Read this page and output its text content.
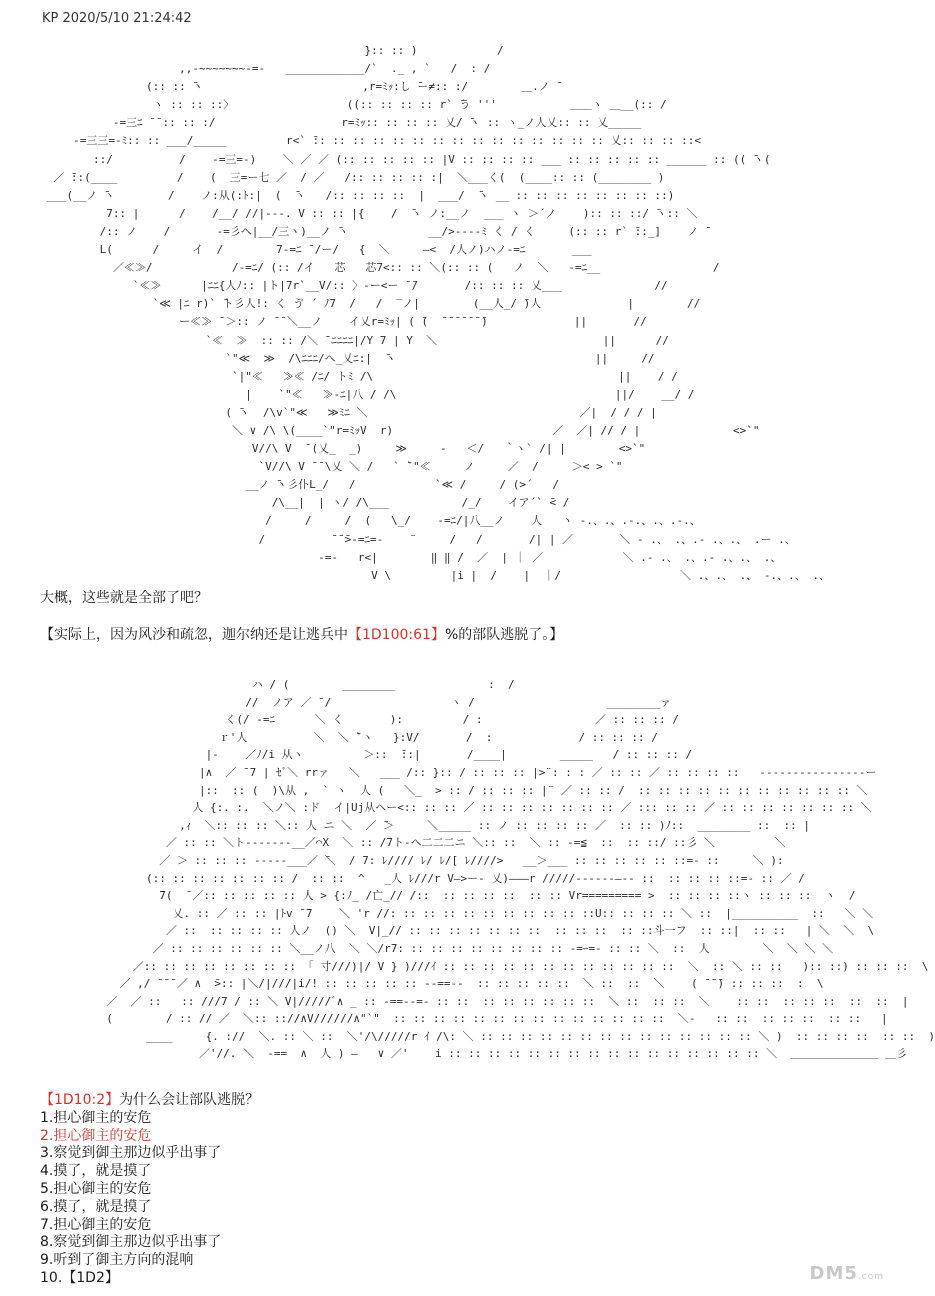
KP 2020/5/10 21:24:42
}:: :: )            /
,,-~~~~~~~-=-   ____________/`  ._ , `   /  : /
(:: :: ̄ヽ                        ,r=ﾐｯ:し ̄ー≠:: :/        ＿.ノ ̄
ヽ :: :: ::〉                 ((:: :: :: :: r` ̄う '''           ＿＿ヽ ＿__(:: /
-=三ﾆ ̄ ̄ :: :: :/                   r=ﾐｯ:: :: :: :: 乂/ ̄ヽ :: ヽ_ノ人乂:: :: 乂_____
-=三三=-ﾐ:: :: ___/_____         r<` ̄:: :: :: :: :: :: :: :: :: :: :: :: :: :: :: 乂:: :: :: ::<
::/          /    -=三=-)    ＼ ／ ／ (:: :: :: :: :: |V :: :: :: :: ___ :: :: :: :: :: ______ :: (( ̄ヽ(
／ ̄::(____         /    (  三=ー七 ／  / ／   /:: :: :: :: :|  ＼___く(  (____:: :: (________ )
___(__ノ ̄ヽ        /    ノ:从(:ﾄ:|  (  ̄ヽ   /:: :: :: ::  |  ___/  ̄ヽ __ :: :: :: :: :: :: :: ::)
7:: |      /    /__/ //|---. V :: :: |{    /  ̄ヽ ノ:__ノ  ___ ヽ ＞´ノ    ):: :: ::/ ̄ヽ:: ＼
/:: ノ    /       -=彡ヘ|__/三ヽ)__ノ ̄ヽ            __/>-‐--ﾐ く / く     (:: :: r` ̄::_]    ノ ̄
L(      /     イ  /        7-=ﾆ ̄ /ー/   {  ＼     ―<  /人ノ)ハノ-=ﾆ       ___
／≪≫/            /-=ﾆ/ (:: /イ   芯   芯7<:: :: ＼(:: :: (   ノ  ＼   -=ﾆ__                 /
`≪≫      |ﾆﾆ{人ﾉ:: |ト|7r`__V/:: 〉-ー<ー ̄ ̄/       /:: :: :: 乂___              //
`≪ |ﾆ r)` ̄ト彡人!: く ゔ ´ ﾉ7  /   /  ‾ノ|        (__人_/ ̄)人             |        //
ー≪≫ ̄ ＞:: ノ ̄ ̄ ＼__ノ    イ乂r=ﾐｯ| ( ̄(  ̄ ̄ ̄ ̄ ̄ ̄ ̄)             ||       //
`≪  ≫  :: :: /＼ ̄ ﾆﾆﾆﾆ|/Y 7 | Y  ＼                         ||      //
`"≪  ≫  /\ﾆﾆﾆ/ヘ_乂ﾆ:|  ̄ヽ                              ||     //
`|"≪   ≫≪ /ﾆ/ トﾐ /\                                     ||    / /
|    `"≪   ≫-ﾆ|八 / /\                                 ||/    __/ /
( ̄ヽ  /\v`"≪   ≫ﾐﾆ ＼                                ／|  / / / |
＼ ∨ /\ \(____`"r=ﾐｯV  r)                        ／  ／| // / |              <>`"
V//\ V  ̄ (乂_  _)     ≫     -   ＜/   ｀ヽ` /| |        <>`"
`V//\ V ̄ ̄ \乂 ＼ /   ` ̄`"≪     ノ     ／  /     ＞< > `"
__ノ ̄ヽ彡仆L_/   /            `≪ /     / (>´   /
/\__|  | ヽ/ /\___           /_/    イア´` ̄< /
/     /     /  (   \_/    -=ﾆ/|八__ノ    人   ヽ ‐.、.、.‐.、.、.-.、
/          ̄ ̄ ̄>-=ﾆ=-    ¨     /   /       /| | ／       ＼ ‐ .、 .、.‐ .、.、 .ー .、
-=-   r<|        ‖ ‖ /  ／  | ｜ ／            ＼ .‐ .、 .、.‐ .、.、 .、
V \         |i |  /    |  ｜/                  ＼ .、.、 .、 ‐.、.、 .、
大概，这些就是全部了吧？
【实际上，因为风沙和疏忽，迦尔纳还是让逃兵中【1D100:61】%的部队逃脱了。】
ハ / (        ________              :  /
//  ノア ／ ̄ /                  ヽ /                    ________ァ
く(/ -=ﾆ      ＼ く       ):         / :                 ／ :: :: :: /
ｒ'人          ＼  ＼ ̄`ヽ   }:V/       /  :             / :: :: :: /
|-    ／ﾉ/i 从ヽ         ＞::  ̄::|       /____|        _____   / :: :: :: /
|∧  ／ ̄ 7 | ｾﾞ＼ rrァ   ＼   ___ /:: }:: / :: :: :: |>¨: : : ／ :: :: ／ :: :: :: ::   ----------------ー
|::  :: (  )\从 ,  ` ヽ  人 (   ＼_  > :: / :: :: :: |¨ ／ :: :: /  :: :: :: :: :: :: :: :: :: :: :: ＼
人 {:. :.  ＼ノ＼ :ド  イ|Uj从ヘー<:: :: :: ／ :: :: :: :: :: :: :: ／ ::: :: :: ／ :: :: :: :: :: :: :: ＼
,ｨ  ＼:: :: :: ＼:: 人 ニ ＼  ／ ̄＞     ＼_____ :: ノ :: :: :: :: ／  :: :: )ﾉ::  ________ ::  :: |
／ :: :: ＼ト-------__／⌒X  ＼ :: /7ト‐ヘ二二二ニ ＼:: ::  ＼ :: -=≦  ::  :: ::/ ::彡 ＼         ＼
／ ＞ :: :: :: -----___／ ̄＼  / 7: ﾚ//// ﾚ/ ﾚ/[ ﾚ////>   __＞___ :: :: :: :: :: ::=- ::     ＼ ):
(:: :: :: :: :: :: :: /  :: ::  ^   _人 ﾚ///r V―>ー- 乂)―――r /////------―-- ::  :: :: :: ::=- :: ／ /
̄7(  ̄ ／:: :: :: :: :: 人 > {:ﾉ_ /亡_// /::  :: :: :: ::  :: :: Vr========= >  :: :: :: ::ヽ :: :: ::  ヽ  /
乂. :: ／ :: :: |ﾄv ̄ ̄7    ＼ 'r //: :: :: :: :: :: :: :: :: :: ::U:: :: :: :: ＼ ::  |__________  ::   ＼ ＼
／ ::  :: :: :: :: 人ノ  () ＼  V|_// :: :: :: :: :: :: ::  :: :: ::  :: ::斗一フ  :: ::|  :: ::   | ＼  ＼  \
／ :: :: :: :: :: :: ＼__ノ八  ＼ ＼/r7: :: :: :: :: :: :: :: :: -=ｰ=- :: :: ＼  ::  人        ＼  ＼ ＼ ＼
／:: :: :: :: :: :: :: :: 「 寸///)|/ V } )///ｲ :: :: :: :: :: :: :: :: :: :: :: ::  ＼  :: ＼ :: ::   ):: ::) :: :: ::  \
／ ,/ ̄ ̄ ̄ ／ ∧  ̄>:: |＼/|///|i/! :: :: :: :: :: --==--  :: :: :: :: ::  ＼ ::  ::  ＼    ( ̄ ̄ ̄) :: :: ::  :  \
／  ／ ::   :: ///7 / :: ＼ V|/////ﾞ∧ _ :: -==--=- :: ::  :: :: :: :: :: ::  ＼ ::  :: ::  ＼    :: ::  :: :: ::  ::  ::  |
(        / :: // ／  ＼:: :://∧V//////∧"`"  :: :: :: :: :: :: :: :: :: :: :: :: :: ::  ＼-   :: ::  :: :: ::  :: ::   |
____     {. ://  ＼. :: ＼ ::  ＼'/\/////r ｲ /\: ＼ :: :: :: :: :: :: :: :: :: :: :: :: :: :: ＼ )  :: :: :: ::  :: ::  )
／'//. ＼  -==  ∧  人 ) ―   ∨ ／'    i :: :: :: :: :: :: :: :: :: :: :: :: :: :: :: :: ＼  ＿＿＿＿＿＿＿＿ ＿彡
【1D10:2】为什么会让部队逃脱？
1.担心御主的安危
2.担心御主的安危
3.察觉到御主那边似乎出事了
4.摸了，就是摸了
5.担心御主的安危
6.摸了，就是摸了
7.担心御主的安危
8.察觉到御主那边似乎出事了
9.听到了御主方向的混响
10.【1D2】	DM5.com
